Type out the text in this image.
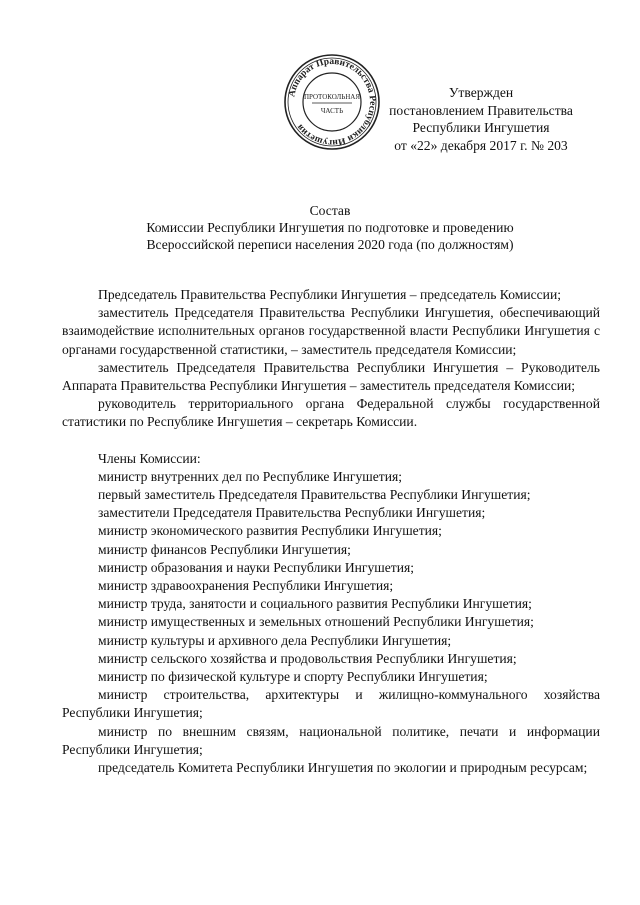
Аппарат Правительства Республики Ингушетия
ПРОТОКОЛЬНАЯ
ЧАСТЬ
Утвержден
постановлением Правительства
Республики Ингушетия
от «22» декабря 2017 г. № 203
Состав
Комиссии Республики Ингушетия по подготовке и проведению
Всероссийской переписи населения 2020 года (по должностям)

Председатель Правительства Республики Ингушетия – председатель Комиссии;

заместитель Председателя Правительства Республики Ингушетия, обеспечивающий взаимодействие исполнительных органов государственной власти Республики Ингушетия с органами государственной статистики, – заместитель председателя Комиссии;

заместитель Председателя Правительства Республики Ингушетия – Руководитель Аппарата Правительства Республики Ингушетия – заместитель председателя Комиссии;

руководитель территориального органа Федеральной службы государственной статистики по Республике Ингушетия – секретарь Комиссии.

Члены Комиссии:

министр внутренних дел по Республике Ингушетия;

первый заместитель Председателя Правительства Республики Ингушетия;

заместители Председателя Правительства Республики Ингушетия;

министр экономического развития Республики Ингушетия;

министр финансов Республики Ингушетия;

министр образования и науки Республики Ингушетия;

министр здравоохранения Республики Ингушетия;

министр труда, занятости и социального развития Республики Ингушетия;

министр имущественных и земельных отношений Республики Ингушетия;

министр культуры и архивного дела Республики Ингушетия;

министр сельского хозяйства и продовольствия Республики Ингушетия;

министр по физической культуре и спорту Республики Ингушетия;

министр строительства, архитектуры и жилищно-коммунального хозяйства Республики Ингушетия;

министр по внешним связям, национальной политике, печати и информации Республики Ингушетия;

председатель Комитета Республики Ингушетия по экологии и природным ресурсам;
